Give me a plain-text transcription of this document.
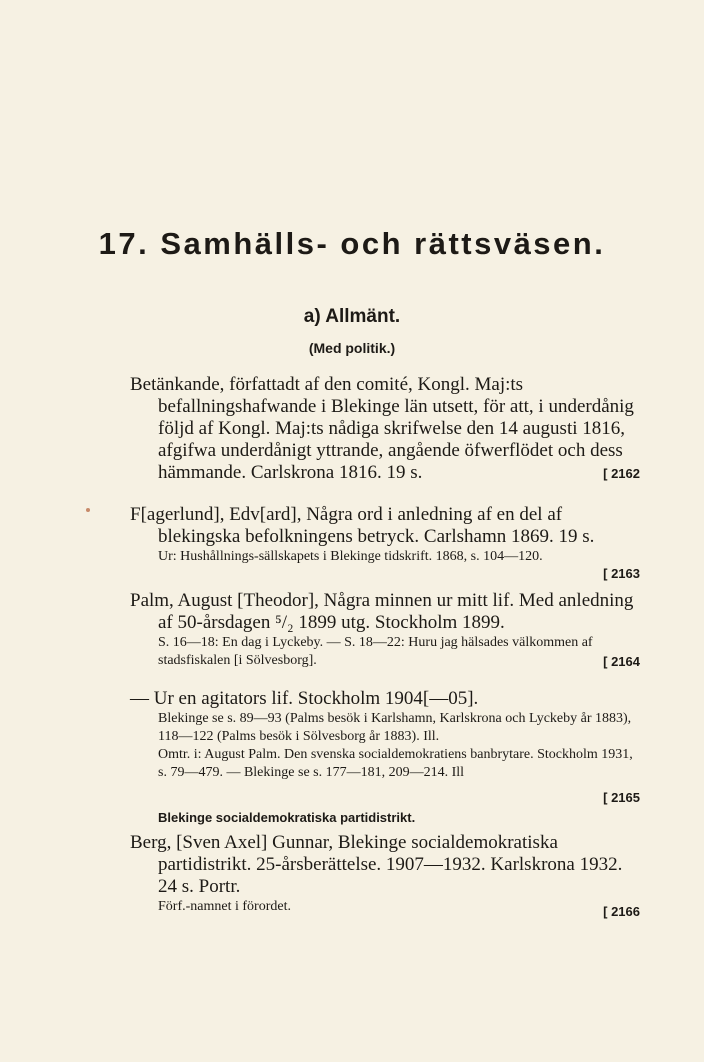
17. Samhälls- och rättsväsen.
a) Allmänt.
(Med politik.)

Betänkande, författadt af den comité, Kongl. Maj:ts befallningshafwande i Blekinge län utsett, för att, i underdånig följd af Kongl. Maj:ts nådiga skrifwelse den 14 augusti 1816, afgifwa underdånigt yttrande, angående öfwerflödet och dess hämmande. Carlskrona 1816. 19 s.	[ 2162

F[agerlund], Edv[ard], Några ord i anledning af en del af blekingska befolkningens betryck. Carlshamn 1869. 19 s.

Ur: Hushållnings-sällskapets i Blekinge tidskrift. 1868, s. 104—120.

[ 2163

Palm, August [Theodor], Några minnen ur mitt lif. Med anledning af 50-årsdagen ⁵/₂ 1899 utg. Stockholm 1899.

S. 16—18: En dag i Lyckeby. — S. 18—22: Huru jag hälsades välkommen af stadsfiskalen [i Sölvesborg].	[ 2164

— Ur en agitators lif. Stockholm 1904[—05].

Blekinge se s. 89—93 (Palms besök i Karlshamn, Karlskrona och Lyckeby år 1883), 118—122 (Palms besök i Sölvesborg år 1883). Ill.

Omtr. i: August Palm. Den svenska socialdemokratiens banbrytare. Stockholm 1931, s. 79—479. — Blekinge se s. 177—181, 209—214. Ill

[ 2165
Blekinge socialdemokratiska partidistrikt.

Berg, [Sven Axel] Gunnar, Blekinge socialdemokratiska partidistrikt. 25-årsberättelse. 1907—1932. Karlskrona 1932. 24 s. Portr.

Förf.-namnet i förordet.	[ 2166
